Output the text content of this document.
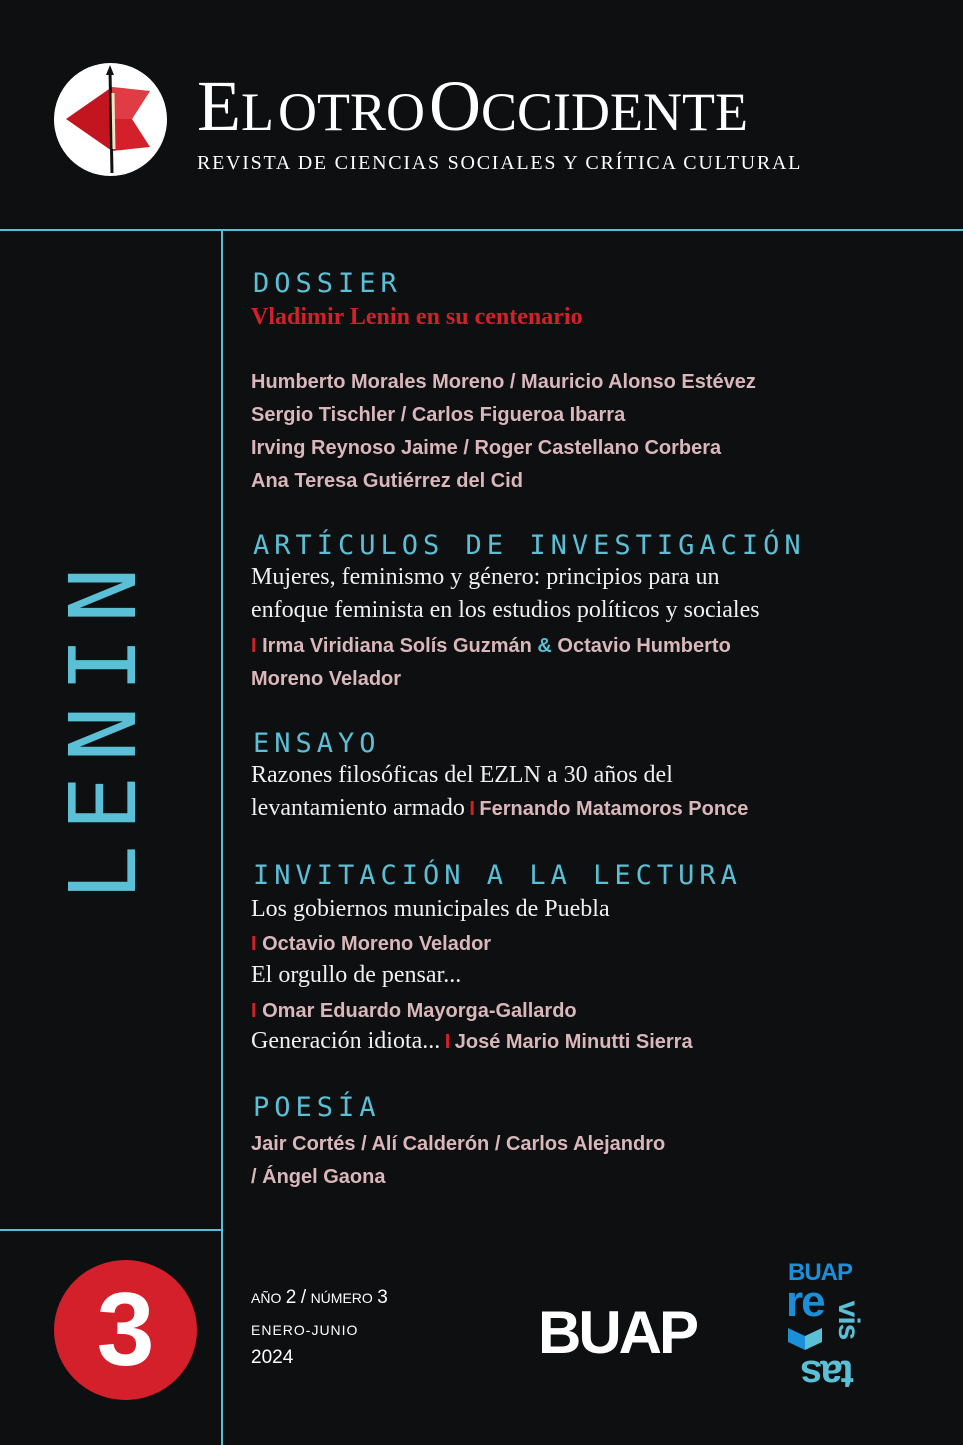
EL OTRO OCCIDENTE
REVISTA DE CIENCIAS SOCIALES Y CRÍTICA CULTURAL
LENIN
3
DOSSIER
Vladimir Lenin en su centenario
Humberto Morales Moreno / Mauricio Alonso Estévez
Sergio Tischler / Carlos Figueroa Ibarra
Irving Reynoso Jaime / Roger Castellano Corbera
Ana Teresa Gutiérrez del Cid
ARTÍCULOS DE INVESTIGACIÓN
Mujeres, feminismo y género: principios para un
enfoque feminista en los estudios políticos y sociales
I Irma Viridiana Solís Guzmán & Octavio Humberto
Moreno Velador
ENSAYO
Razones filosóficas del EZLN a 30 años del
levantamiento armado I Fernando Matamoros Ponce
INVITACIÓN A LA LECTURA
Los gobiernos municipales de Puebla
I Octavio Moreno Velador
El orgullo de pensar...
I Omar Eduardo Mayorga-Gallardo
Generación idiota... I José Mario Minutti Sierra
POESÍA
Jair Cortés / Alí Calderón / Carlos Alejandro
/ Ángel Gaona
AÑO 2 / NÚMERO 3
ENERO-JUNIO
2024	BUAP
BUAP
re vis
tas
